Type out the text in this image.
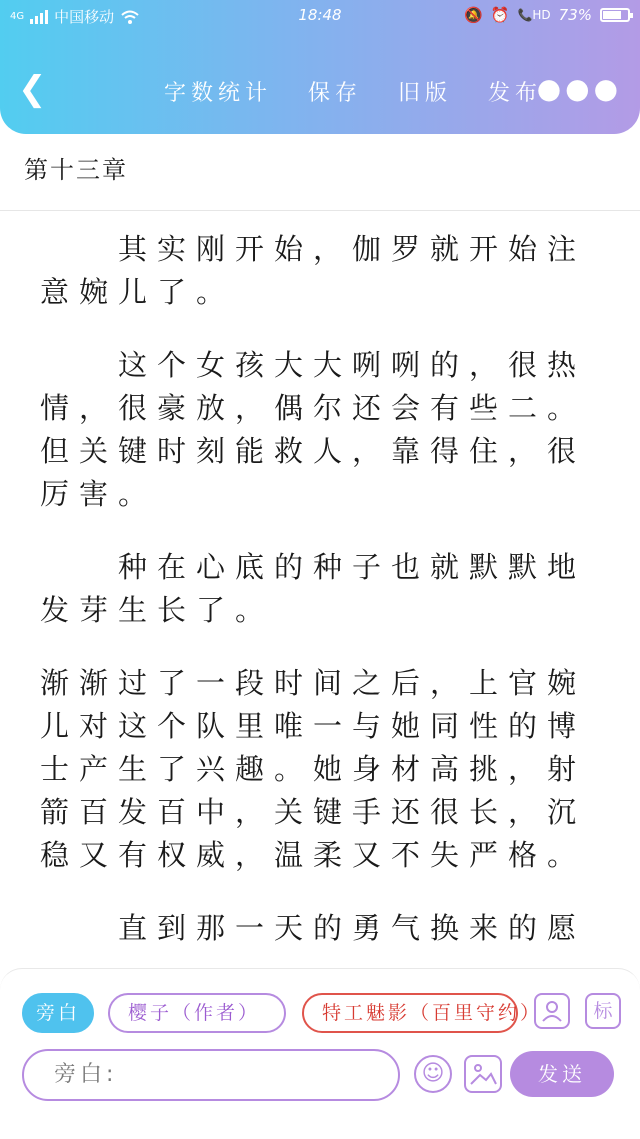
4G 中国移动	18:48	🔕 ⏰ 📞HD 73%
❮	字数统计 保存 旧版 发布
●●●
第十三章

其实刚开始，伽罗就开始注意婉儿了。

这个女孩大大咧咧的，很热情，很豪放，偶尔还会有些二。但关键时刻能救人，靠得住，很厉害。

种在心底的种子也就默默地发芽生长了。

渐渐过了一段时间之后，上官婉儿对这个队里唯一与她同性的博士产生了兴趣。她身材高挑，射箭百发百中，关键手还很长，沉稳又有权威，温柔又不失严格。

直到那一天的勇气换来的愿

旁白	樱子（作者）	特工魅影（百里守约）	标
旁白:	☺	发送
